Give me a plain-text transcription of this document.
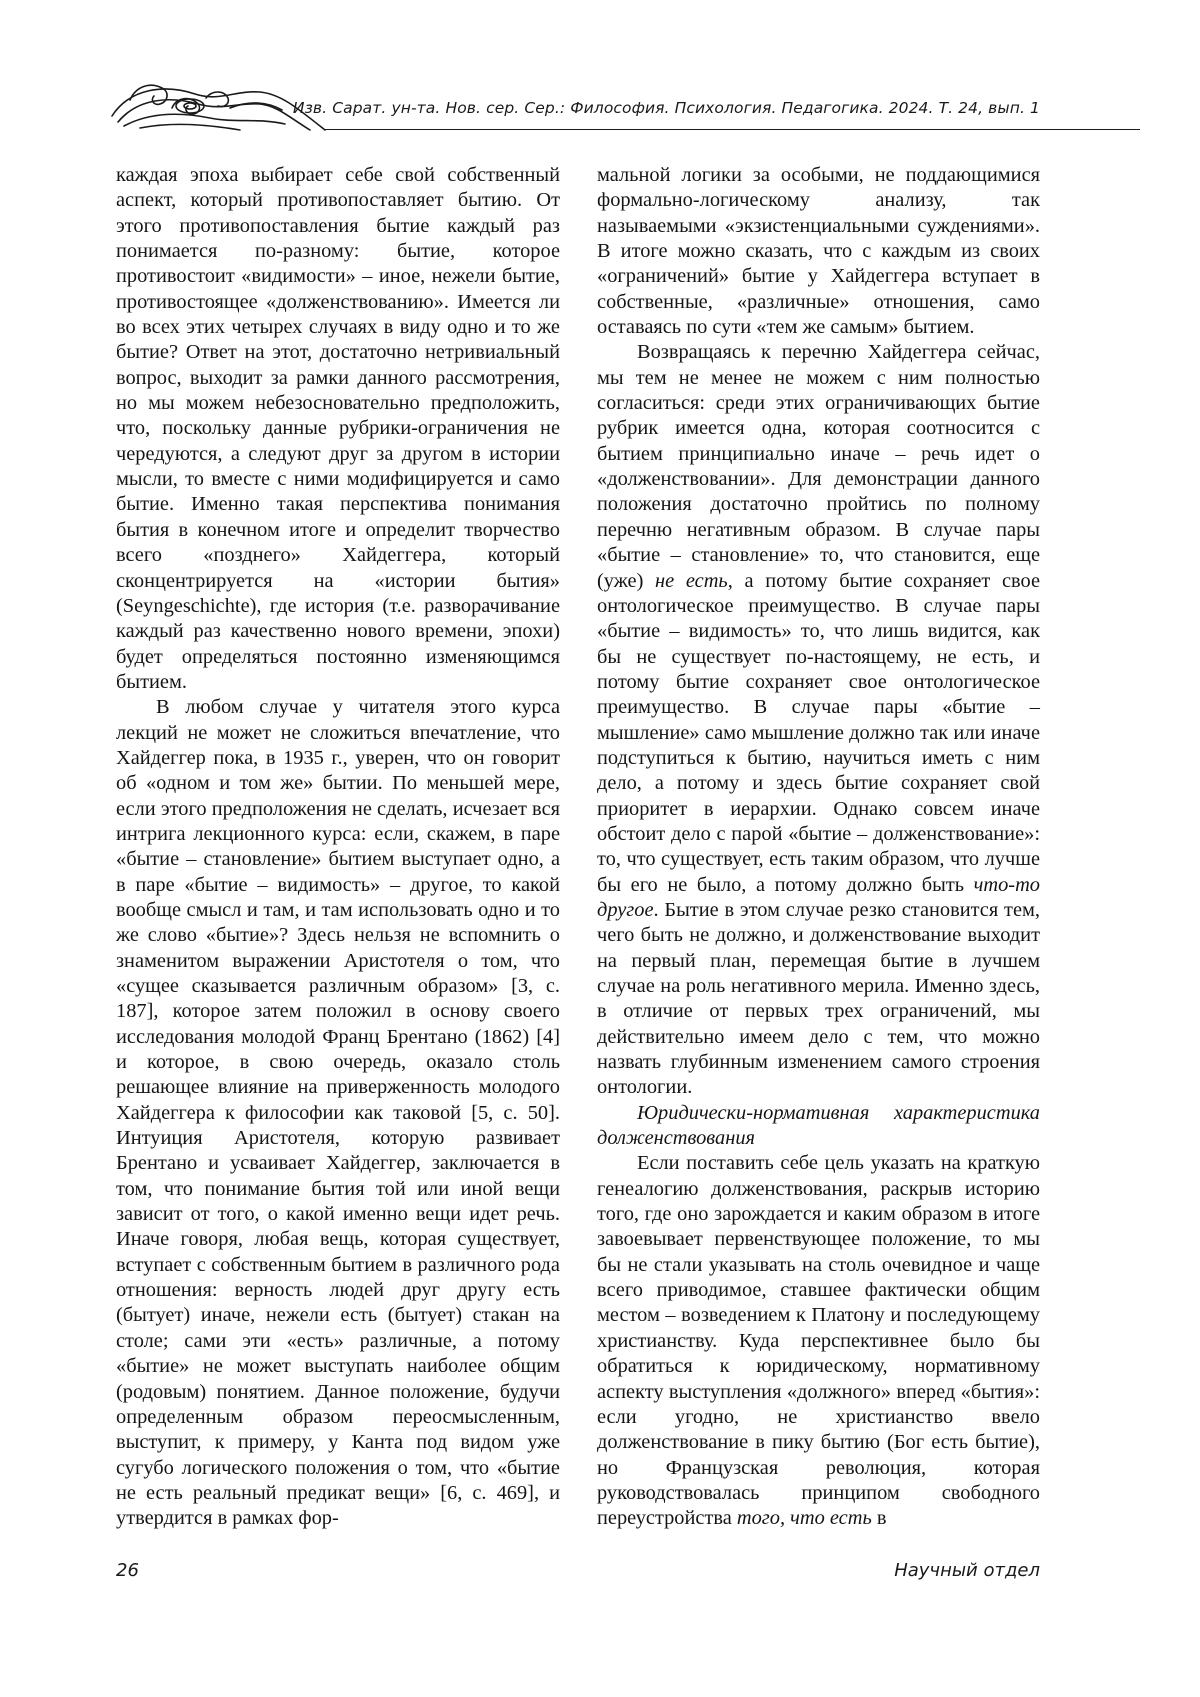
Изв. Сарат. ун-та. Нов. сер. Сер.: Философия. Психология. Педагогика. 2024. Т. 24, вып. 1

каждая эпоха выбирает себе свой собственный аспект, который противопоставляет бытию. От этого противопоставления бытие каждый раз понимается по-разному: бытие, которое противостоит «видимости» – иное, нежели бытие, противостоящее «долженствованию». Имеется ли во всех этих четырех случаях в виду одно и то же бытие? Ответ на этот, достаточно нетривиальный вопрос, выходит за рамки данного рассмотрения, но мы можем небезосновательно предположить, что, поскольку данные рубрики-ограничения не чередуются, а следуют друг за другом в истории мысли, то вместе с ними модифицируется и само бытие. Именно такая перспектива понимания бытия в конечном итоге и определит творчество всего «позднего» Хайдеггера, который сконцентрируется на «истории бытия» (Seyngeschichte), где история (т.е. разворачивание каждый раз качественно нового времени, эпохи) будет определяться постоянно изменяющимся бытием.

В любом случае у читателя этого курса лекций не может не сложиться впечатление, что Хайдеггер пока, в 1935 г., уверен, что он говорит об «одном и том же» бытии. По меньшей мере, если этого предположения не сделать, исчезает вся интрига лекционного курса: если, скажем, в паре «бытие – становление» бытием выступает одно, а в паре «бытие – видимость» – другое, то какой вообще смысл и там, и там использовать одно и то же слово «бытие»? Здесь нельзя не вспомнить о знаменитом выражении Аристотеля о том, что «сущее сказывается различным образом» [3, с. 187], которое затем положил в основу своего исследования молодой Франц Брентано (1862) [4] и которое, в свою очередь, оказало столь решающее влияние на приверженность молодого Хайдеггера к философии как таковой [5, с. 50]. Интуиция Аристотеля, которую развивает Брентано и усваивает Хайдеггер, заключается в том, что понимание бытия той или иной вещи зависит от того, о какой именно вещи идет речь. Иначе говоря, любая вещь, которая существует, вступает с собственным бытием в различного рода отношения: верность людей друг другу есть (бытует) иначе, нежели есть (бытует) стакан на столе; сами эти «есть» различные, а потому «бытие» не может выступать наиболее общим (родовым) понятием. Данное положение, будучи определенным образом переосмысленным, выступит, к примеру, у Канта под видом уже сугубо логического положения о том, что «бытие не есть реальный предикат вещи» [6, с. 469], и утвердится в рамках фор-

мальной логики за особыми, не поддающимися формально-логическому анализу, так называемыми «экзистенциальными суждениями». В итоге можно сказать, что с каждым из своих «ограничений» бытие у Хайдеггера вступает в собственные, «различные» отношения, само оставаясь по сути «тем же самым» бытием.

Возвращаясь к перечню Хайдеггера сейчас, мы тем не менее не можем с ним полностью согласиться: среди этих ограничивающих бытие рубрик имеется одна, которая соотносится с бытием принципиально иначе – речь идет о «долженствовании». Для демонстрации данного положения достаточно пройтись по полному перечню негативным образом. В случае пары «бытие – становление» то, что становится, еще (уже) не есть, а потому бытие сохраняет свое онтологическое преимущество. В случае пары «бытие – видимость» то, что лишь видится, как бы не существует по-настоящему, не есть, и потому бытие сохраняет свое онтологическое преимущество. В случае пары «бытие – мышление» само мышление должно так или иначе подступиться к бытию, научиться иметь с ним дело, а потому и здесь бытие сохраняет свой приоритет в иерархии. Однако совсем иначе обстоит дело с парой «бытие – долженствование»: то, что существует, есть таким образом, что лучше бы его не было, а потому должно быть что-то другое. Бытие в этом случае резко становится тем, чего быть не должно, и долженствование выходит на первый план, перемещая бытие в лучшем случае на роль негативного мерила. Именно здесь, в отличие от первых трех ограничений, мы действительно имеем дело с тем, что можно назвать глубинным изменением самого строения онтологии.

Юридически-нормативная характеристика долженствования

Если поставить себе цель указать на краткую генеалогию долженствования, раскрыв историю того, где оно зарождается и каким образом в итоге завоевывает первенствующее положение, то мы бы не стали указывать на столь очевидное и чаще всего приводимое, ставшее фактически общим местом – возведением к Платону и последующему христианству. Куда перспективнее было бы обратиться к юридическому, нормативному аспекту выступления «должного» вперед «бытия»: если угодно, не христианство ввело долженствование в пику бытию (Бог есть бытие), но Французская революция, которая руководствовалась принципом свободного переустройства того, что есть в

26	Научный отдел
